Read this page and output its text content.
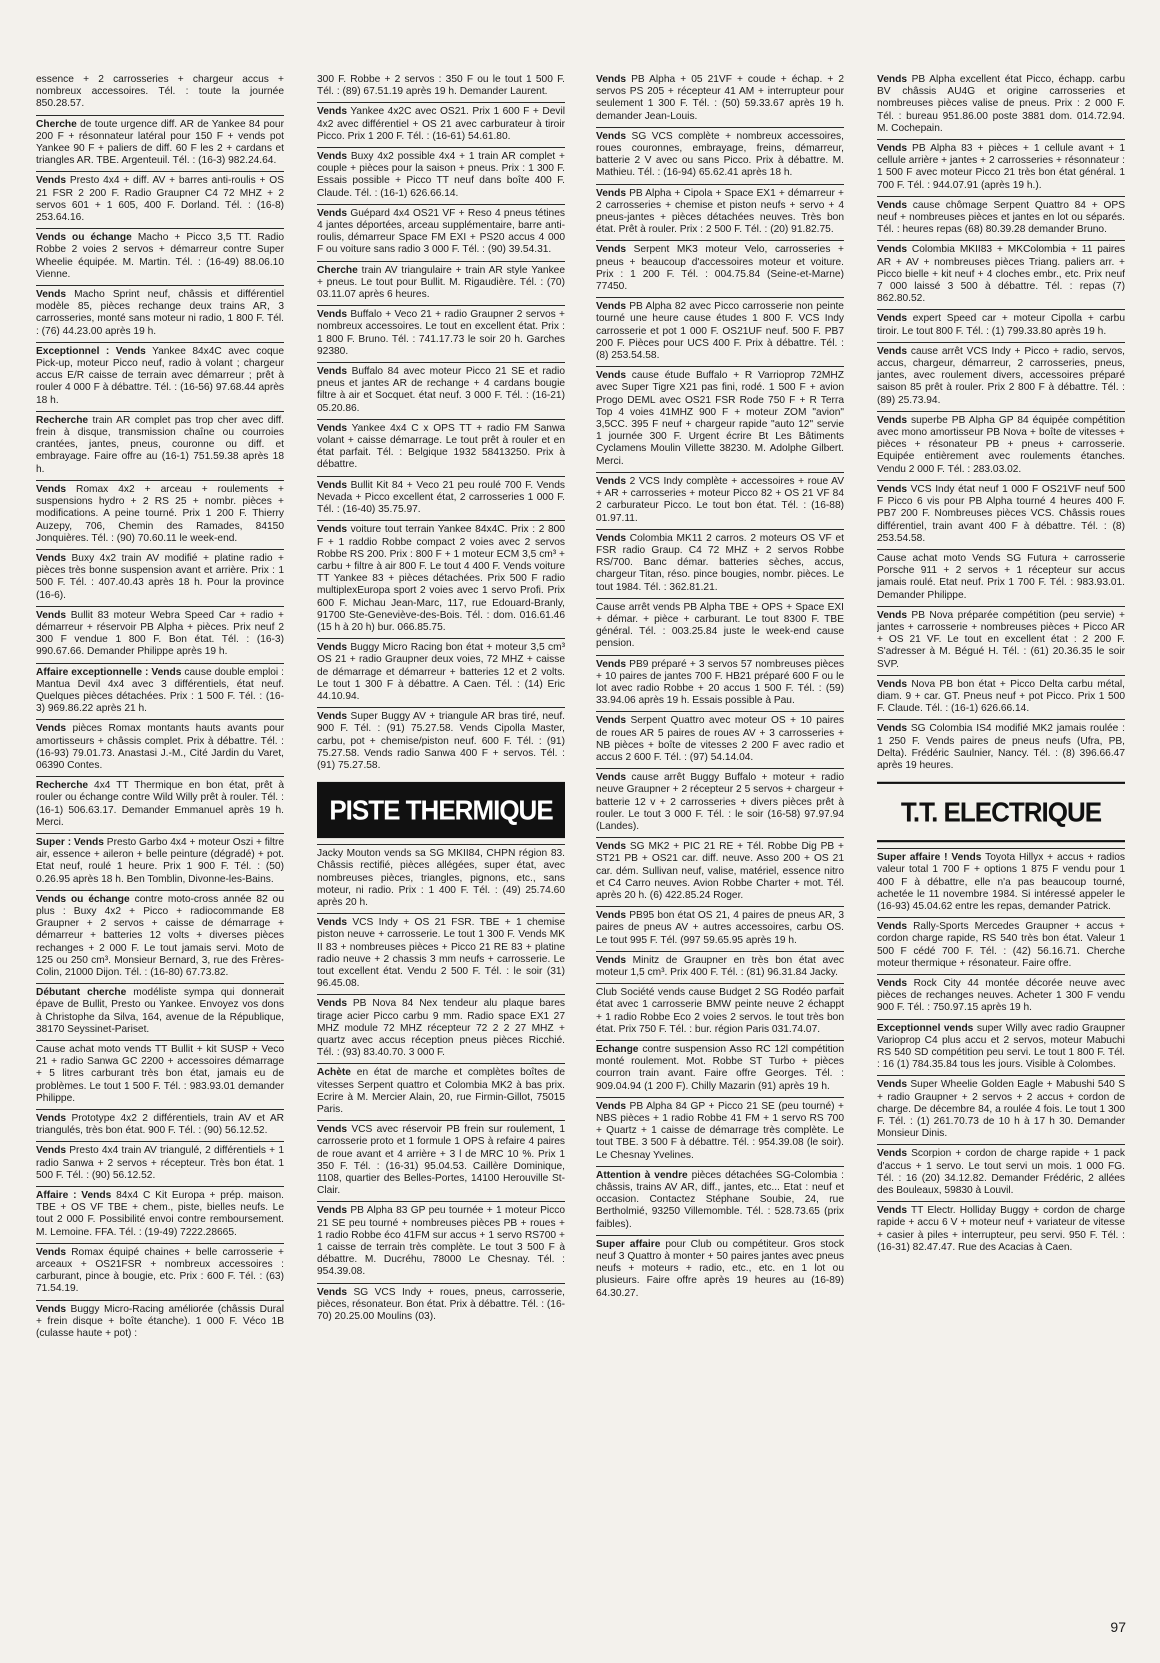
essence + 2 carrosseries + chargeur accus + nombreux accessoires. Tél. : toute la journée 850.28.57.
Cherche de toute urgence diff. AR de Yankee 84 pour 200 F + résonnateur latéral pour 150 F + vends pot Yankee 90 F + paliers de diff. 60 F les 2 + cardans et triangles AR. TBE. Argenteuil. Tél. : (16-3) 982.24.64.
Vends Presto 4x4 + diff. AV + barres anti-roulis + OS 21 FSR 2 200 F. Radio Graupner C4 72 MHZ + 2 servos 601 + 1 605, 400 F. Dorland. Tél. : (16-8) 253.64.16.
Vends ou échange Macho + Picco 3,5 TT. Radio Robbe 2 voies 2 servos + démarreur contre Super Wheelie équipée. M. Martin. Tél. : (16-49) 88.06.10 Vienne.
Vends Macho Sprint neuf, châssis et différentiel modèle 85, pièces rechange deux trains AR, 3 carrosseries, monté sans moteur ni radio, 1 800 F. Tél. : (76) 44.23.00 après 19 h.
Exceptionnel : Vends Yankee 84x4C avec coque Pick-up, moteur Picco neuf, radio à volant ; chargeur accus E/R caisse de terrain avec démarreur ; prêt à rouler 4 000 F à débattre. Tél. : (16-56) 97.68.44 après 18 h.
Recherche train AR complet pas trop cher avec diff. frein à disque, transmission chaîne ou courroies crantées, jantes, pneus, couronne ou diff. et embrayage. Faire offre au (16-1) 751.59.38 après 18 h.
Vends Romax 4x2 + arceau + roulements + suspensions hydro + 2 RS 25 + nombr. pièces + modifications. A peine tourné. Prix 1 200 F. Thierry Auzepy, 706, Chemin des Ramades, 84150 Jonquières. Tél. : (90) 70.60.11 le week-end.
Vends Buxy 4x2 train AV modifié + platine radio + pièces très bonne suspension avant et arrière. Prix : 1 500 F. Tél. : 407.40.43 après 18 h. Pour la province (16-6).
Vends Bullit 83 moteur Webra Speed Car + radio + démarreur + réservoir PB Alpha + pièces. Prix neuf 2 300 F vendue 1 800 F. Bon état. Tél. : (16-3) 990.67.66. Demander Philippe après 19 h.
Affaire exceptionnelle : Vends cause double emploi : Mantua Devil 4x4 avec 3 différentiels, état neuf. Quelques pièces détachées. Prix : 1 500 F. Tél. : (16-3) 969.86.22 après 21 h.
Vends pièces Romax montants hauts avants pour amortisseurs + châssis complet. Prix à débattre. Tél. : (16-93) 79.01.73. Anastasi J.-M., Cité Jardin du Varet, 06390 Contes.
Recherche 4x4 TT Thermique en bon état, prêt à rouler ou échange contre Wild Willy prêt à rouler. Tél. : (16-1) 506.63.17. Demander Emmanuel après 19 h. Merci.
Super : Vends Presto Garbo 4x4 + moteur Oszi + filtre air, essence + aileron + belle peinture (dégradé) + pot. Etat neuf, roulé 1 heure. Prix 1 900 F. Tél. : (50) 0.26.95 après 18 h. Ben Tomblin, Divonne-les-Bains.
Vends ou échange contre moto-cross année 82 ou plus : Buxy 4x2 + Picco + radiocommande E8 Graupner + 2 servos + caisse de démarrage + démarreur + batteries 12 volts + diverses pièces rechanges + 2 000 F. Le tout jamais servi. Moto de 125 ou 250 cm³. Monsieur Bernard, 3, rue des Frères-Colin, 21000 Dijon. Tél. : (16-80) 67.73.82.
Débutant cherche modéliste sympa qui donnerait épave de Bullit, Presto ou Yankee. Envoyez vos dons à Christophe da Silva, 164, avenue de la République, 38170 Seyssinet-Pariset.
Cause achat moto vends TT Bullit + kit SUSP + Veco 21 + radio Sanwa GC 2200 + accessoires démarrage + 5 litres carburant très bon état, jamais eu de problèmes. Le tout 1 500 F. Tél. : 983.93.01 demander Philippe.
Vends Prototype 4x2 2 différentiels, train AV et AR triangulés, très bon état. 900 F. Tél. : (90) 56.12.52.
Vends Presto 4x4 train AV triangulé, 2 différentiels + 1 radio Sanwa + 2 servos + récepteur. Très bon état. 1 500 F. Tél. : (90) 56.12.52.
Affaire : Vends 84x4 C Kit Europa + prép. maison. TBE + OS VF TBE + chem., piste, bielles neufs. Le tout 2 000 F. Possibilité envoi contre remboursement. M. Lemoine. FFA. Tél. : (19-49) 7222.28665.
Vends Romax équipé chaines + belle carrosserie + arceaux + OS21FSR + nombreux accessoires : carburant, pince à bougie, etc. Prix : 600 F. Tél. : (63) 71.54.19.
Vends Buggy Micro-Racing améliorée (châssis Dural + frein disque + boîte étanche). 1 000 F. Véco 1B (culasse haute + pot) :
300 F. Robbe + 2 servos : 350 F ou le tout 1 500 F. Tél. : (89) 67.51.19 après 19 h. Demander Laurent.
Vends Yankee 4x2C avec OS21. Prix 1 600 F + Devil 4x2 avec différentiel + OS 21 avec carburateur à tiroir Picco. Prix 1 200 F. Tél. : (16-61) 54.61.80.
Vends Buxy 4x2 possible 4x4 + 1 train AR complet + couple + pièces pour la saison + pneus. Prix : 1 300 F. Essais possible + Picco TT neuf dans boîte 400 F. Claude. Tél. : (16-1) 626.66.14.
Vends Guépard 4x4 OS21 VF + Reso 4 pneus tétines 4 jantes déportées, arceau supplémentaire, barre anti-roulis, démarreur Space FM EXI + PS20 accus 4 000 F ou voiture sans radio 3 000 F. Tél. : (90) 39.54.31.
Cherche train AV triangulaire + train AR style Yankee + pneus. Le tout pour Bullit. M. Rigaudière. Tél. : (70) 03.11.07 après 6 heures.
Vends Buffalo + Veco 21 + radio Graupner 2 servos + nombreux accessoires. Le tout en excellent état. Prix : 1 800 F. Bruno. Tél. : 741.17.73 le soir 20 h. Garches 92380.
Vends Buffalo 84 avec moteur Picco 21 SE et radio pneus et jantes AR de rechange + 4 cardans bougie filtre à air et Socquet. état neuf. 3 000 F. Tél. : (16-21) 05.20.86.
Vends Yankee 4x4 C x OPS TT + radio FM Sanwa volant + caisse démarrage. Le tout prêt à rouler et en état parfait. Tél. : Belgique 1932 58413250. Prix à débattre.
Vends Bullit Kit 84 + Veco 21 peu roulé 700 F. Vends Nevada + Picco excellent état, 2 carrosseries 1 000 F. Tél. : (16-40) 35.75.97.
Vends voiture tout terrain Yankee 84x4C. Prix : 2 800 F + 1 raddio Robbe compact 2 voies avec 2 servos Robbe RS 200. Prix : 800 F + 1 moteur ECM 3,5 cm³ + carbu + filtre à air 800 F. Le tout 4 400 F. Vends voiture TT Yankee 83 + pièces détachées. Prix 500 F radio multiplexEuropa sport 2 voies avec 1 servo Profi. Prix 600 F. Michau Jean-Marc, 117, rue Edouard-Branly, 91700 Ste-Geneviève-des-Bois. Tél. : dom. 016.61.46 (15 h à 20 h) bur. 066.85.75.
Vends Buggy Micro Racing bon état + moteur 3,5 cm³ OS 21 + radio Graupner deux voies, 72 MHZ + caisse de démarrage et démarreur + batteries 12 et 2 volts. Le tout 1 300 F à débattre. A Caen. Tél. : (14) Eric 44.10.94.
Vends Super Buggy AV + triangule AR bras tiré, neuf. 900 F. Tél. : (91) 75.27.58. Vends Cipolla Master, carbu, pot + chemise/piston neuf. 600 F. Tél. : (91) 75.27.58. Vends radio Sanwa 400 F + servos. Tél. : (91) 75.27.58.
PISTE THERMIQUE
Jacky Mouton vends sa SG MKII84, CHPN région 83. Châssis rectifié, pièces allégées, super état, avec nombreuses pièces, triangles, pignons, etc., sans moteur, ni radio. Prix : 1 400 F. Tél. : (49) 25.74.60 après 20 h.
Vends VCS Indy + OS 21 FSR. TBE + 1 chemise piston neuve + carrosserie. Le tout 1 300 F. Vends MK II 83 + nombreuses pièces + Picco 21 RE 83 + platine radio neuve + 2 chassis 3 mm neufs + carrosserie. Le tout excellent état. Vendu 2 500 F. Tél. : le soir (31) 96.45.08.
Vends PB Nova 84 Nex tendeur alu plaque bares tirage acier Picco carbu 9 mm. Radio space EX1 27 MHZ module 72 MHZ récepteur 72 2 2 27 MHZ + quartz avec accus réception pneus pièces Ricchié. Tél. : (93) 83.40.70. 3 000 F.
Achète en état de marche et complètes boîtes de vitesses Serpent quattro et Colombia MK2 à bas prix. Ecrire à M. Mercier Alain, 20, rue Firmin-Gillot, 75015 Paris.
Vends VCS avec réservoir PB frein sur roulement, 1 carrosserie proto et 1 formule 1 OPS à refaire 4 paires de roue avant et 4 arrière + 3 l de MRC 10 %. Prix 1 350 F. Tél. : (16-31) 95.04.53. Caillère Dominique, 1108, quartier des Belles-Portes, 14100 Herouville St-Clair.
Vends PB Alpha 83 GP peu tournée + 1 moteur Picco 21 SE peu tourné + nombreuses pièces PB + roues + 1 radio Robbe éco 41FM sur accus + 1 servo RS700 + 1 caisse de terrain très complète. Le tout 3 500 F à débattre. M. Ducréhu, 78000 Le Chesnay. Tél. : 954.39.08.
Vends SG VCS Indy + roues, pneus, carrosserie, pièces, résonateur. Bon état. Prix à débattre. Tél. : (16-70) 20.25.00 Moulins (03).
Vends PB Alpha + 05 21VF + coude + échap. + 2 servos PS 205 + récepteur 41 AM + interrupteur pour seulement 1 300 F. Tél. : (50) 59.33.67 après 19 h. demander Jean-Louis.
Vends SG VCS complète + nombreux accessoires, roues couronnes, embrayage, freins, démarreur, batterie 2 V avec ou sans Picco. Prix à débattre. M. Mathieu. Tél. : (16-94) 65.62.41 après 18 h.
Vends PB Alpha + Cipola + Space EX1 + démarreur + 2 carrosseries + chemise et piston neufs + servo + 4 pneus-jantes + pièces détachées neuves. Très bon état. Prêt à rouler. Prix : 2 500 F. Tél. : (20) 91.82.75.
Vends Serpent MK3 moteur Velo, carrosseries + pneus + beaucoup d'accessoires moteur et voiture. Prix : 1 200 F. Tél. : 004.75.84 (Seine-et-Marne) 77450.
Vends PB Alpha 82 avec Picco carrosserie non peinte tourné une heure cause études 1 800 F. VCS Indy carrosserie et pot 1 000 F. OS21UF neuf. 500 F. PB7 200 F. Pièces pour UCS 400 F. Prix à débattre. Tél. : (8) 253.54.58.
Vends cause étude Buffalo + R Varrioprop 72MHZ avec Super Tigre X21 pas fini, rodé. 1 500 F + avion Progo DEML avec OS21 FSR Rode 750 F + R Terra Top 4 voies 41MHZ 900 F + moteur ZOM "avion" 3,5CC. 395 F neuf + chargeur rapide "auto 12" servie 1 journée 300 F. Urgent écrire Bt Les Bâtiments Cyclamens Moulin Villette 38230. M. Adolphe Gilbert. Merci.
Vends 2 VCS Indy complète + accessoires + roue AV + AR + carrosseries + moteur Picco 82 + OS 21 VF 84 2 carburateur Picco. Le tout bon état. Tél. : (16-88) 01.97.11.
Vends Colombia MK11 2 carros. 2 moteurs OS VF et FSR radio Graup. C4 72 MHZ + 2 servos Robbe RS/700. Banc démar. batteries sèches, accus, chargeur Titan, réso. pince bougies, nombr. pièces. Le tout 1984. Tél. : 362.81.21.
Cause arrêt vends PB Alpha TBE + OPS + Space EXI + démar. + pièce + carburant. Le tout 8300 F. TBE général. Tél. : 003.25.84 juste le week-end cause pension.
Vends PB9 préparé + 3 servos 57 nombreuses pièces + 10 paires de jantes 700 F. HB21 préparé 600 F ou le lot avec radio Robbe + 20 accus 1 500 F. Tél. : (59) 33.94.06 après 19 h. Essais possible à Pau.
Vends Serpent Quattro avec moteur OS + 10 paires de roues AR 5 paires de roues AV + 3 carrosseries + NB pièces + boîte de vitesses 2 200 F avec radio et accus 2 600 F. Tél. : (97) 54.14.04.
Vends cause arrêt Buggy Buffalo + moteur + radio neuve Graupner + 2 récepteur 2 5 servos + chargeur + batterie 12 v + 2 carrosseries + divers pièces prêt à rouler. Le tout 3 000 F. Tél. : le soir (16-58) 97.97.94 (Landes).
Vends SG MK2 + PIC 21 RE + Tél. Robbe Dig PB + ST21 PB + OS21 car. diff. neuve. Asso 200 + OS 21 car. dém. Sullivan neuf, valise, matériel, essence nitro et C4 Carro neuves. Avion Robbe Charter + mot. Tél. après 20 h. (6) 422.85.24 Roger.
Vends PB95 bon état OS 21, 4 paires de pneus AR, 3 paires de pneus AV + autres accessoires, carbu OS. Le tout 995 F. Tél. (997 59.65.95 après 19 h.
Vends Minitz de Graupner en très bon état avec moteur 1,5 cm³. Prix 400 F. Tél. : (81) 96.31.84 Jacky.
Club Société vends cause Budget 2 SG Rodéo parfait état avec 1 carrosserie BMW peinte neuve 2 échappt + 1 radio Robbe Eco 2 voies 2 servos. le tout très bon état. Prix 750 F. Tél. : bur. région Paris 031.74.07.
Echange contre suspension Asso RC 12l compétition monté roulement. Mot. Robbe ST Turbo + pièces courron train avant. Faire offre Georges. Tél. : 909.04.94 (1 200 F). Chilly Mazarin (91) après 19 h.
Vends PB Alpha 84 GP + Picco 21 SE (peu tourné) + NBS pièces + 1 radio Robbe 41 FM + 1 servo RS 700 + Quartz + 1 caisse de démarrage très complète. Le tout TBE. 3 500 F à débattre. Tél. : 954.39.08 (le soir). Le Chesnay Yvelines.
Attention à vendre pièces détachées SG-Colombia : châssis, trains AV AR, diff., jantes, etc... Etat : neuf et occasion. Contactez Stéphane Soubie, 24, rue Bertholmié, 93250 Villemomble. Tél. : 528.73.65 (prix faibles).
Super affaire pour Club ou compétiteur. Gros stock neuf 3 Quattro à monter + 50 paires jantes avec pneus neufs + moteurs + radio, etc., etc. en 1 lot ou plusieurs. Faire offre après 19 heures au (16-89) 64.30.27.
Vends PB Alpha excellent état Picco, échapp. carbu BV châssis AU4G et origine carrosseries et nombreuses pièces valise de pneus. Prix : 2 000 F. Tél. : bureau 951.86.00 poste 3881 dom. 014.72.94. M. Cochepain.
Vends PB Alpha 83 + pièces + 1 cellule avant + 1 cellule arrière + jantes + 2 carrosseries + résonnateur : 1 500 F avec moteur Picco 21 très bon état général. 1 700 F. Tél. : 944.07.91 (après 19 h.).
Vends cause chômage Serpent Quattro 84 + OPS neuf + nombreuses pièces et jantes en lot ou séparés. Tél. : heures repas (68) 80.39.28 demander Bruno.
Vends Colombia MKII83 + MKColombia + 11 paires AR + AV + nombreuses pièces Triang. paliers arr. + Picco bielle + kit neuf + 4 cloches embr., etc. Prix neuf 7 000 laissé 3 500 à débattre. Tél. : repas (7) 862.80.52.
Vends expert Speed car + moteur Cipolla + carbu tiroir. Le tout 800 F. Tél. : (1) 799.33.80 après 19 h.
Vends cause arrêt VCS Indy + Picco + radio, servos, accus, chargeur, démarreur, 2 carrosseries, pneus, jantes, avec roulement divers, accessoires préparé saison 85 prêt à rouler. Prix 2 800 F à débattre. Tél. : (89) 25.73.94.
Vends superbe PB Alpha GP 84 équipée compétition avec mono amortisseur PB Nova + boîte de vitesses + pièces + résonateur PB + pneus + carrosserie. Equipée entièrement avec roulements étanches. Vendu 2 000 F. Tél. : 283.03.02.
Vends VCS Indy état neuf 1 000 F OS21VF neuf 500 F Picco 6 vis pour PB Alpha tourné 4 heures 400 F. PB7 200 F. Nombreuses pièces VCS. Châssis roues différentiel, train avant 400 F à débattre. Tél. : (8) 253.54.58.
Cause achat moto Vends SG Futura + carrosserie Porsche 911 + 2 servos + 1 récepteur sur accus jamais roulé. Etat neuf. Prix 1 700 F. Tél. : 983.93.01. Demander Philippe.
Vends PB Nova préparée compétition (peu servie) + jantes + carrosserie + nombreuses pièces + Picco AR + OS 21 VF. Le tout en excellent état : 2 200 F. S'adresser à M. Bégué H. Tél. : (61) 20.36.35 le soir SVP.
Vends Nova PB bon état + Picco Delta carbu métal, diam. 9 + car. GT. Pneus neuf + pot Picco. Prix 1 500 F. Claude. Tél. : (16-1) 626.66.14.
Vends SG Colombia IS4 modifié MK2 jamais roulée : 1 250 F. Vends paires de pneus neufs (Ufra, PB, Delta). Frédéric Saulnier, Nancy. Tél. : (8) 396.66.47 après 19 heures.
T.T. ELECTRIQUE
Super affaire ! Vends Toyota Hillyx + accus + radios valeur total 1 700 F + options 1 875 F vendu pour 1 400 F à débattre, elle n'a pas beaucoup tourné, achetée le 11 novembre 1984. Si intéressé appeler le (16-93) 45.04.62 entre les repas, demander Patrick.
Vends Rally-Sports Mercedes Graupner + accus + cordon charge rapide, RS 540 très bon état. Valeur 1 500 F cédé 700 F. Tél. : (42) 56.16.71. Cherche moteur thermique + résonateur. Faire offre.
Vends Rock City 44 montée décorée neuve avec pièces de rechanges neuves. Acheter 1 300 F vendu 900 F. Tél. : 750.97.15 après 19 h.
Exceptionnel vends super Willy avec radio Graupner Varioprop C4 plus accu et 2 servos, moteur Mabuchi RS 540 SD compétition peu servi. Le tout 1 800 F. Tél. : 16 (1) 784.35.84 tous les jours. Visible à Colombes.
Vends Super Wheelie Golden Eagle + Mabushi 540 S + radio Graupner + 2 servos + 2 accus + cordon de charge. De décembre 84, a roulée 4 fois. Le tout 1 300 F. Tél. : (1) 261.70.73 de 10 h à 17 h 30. Demander Monsieur Dinis.
Vends Scorpion + cordon de charge rapide + 1 pack d'accus + 1 servo. Le tout servi un mois. 1 000 FG. Tél. : 16 (20) 34.12.82. Demander Frédéric, 2 allées des Bouleaux, 59830 à Louvil.
Vends TT Electr. Holliday Buggy + cordon de charge rapide + accu 6 V + moteur neuf + variateur de vitesse + casier à piles + interrupteur, peu servi. 950 F. Tél. : (16-31) 82.47.47. Rue des Acacias à Caen.
97
